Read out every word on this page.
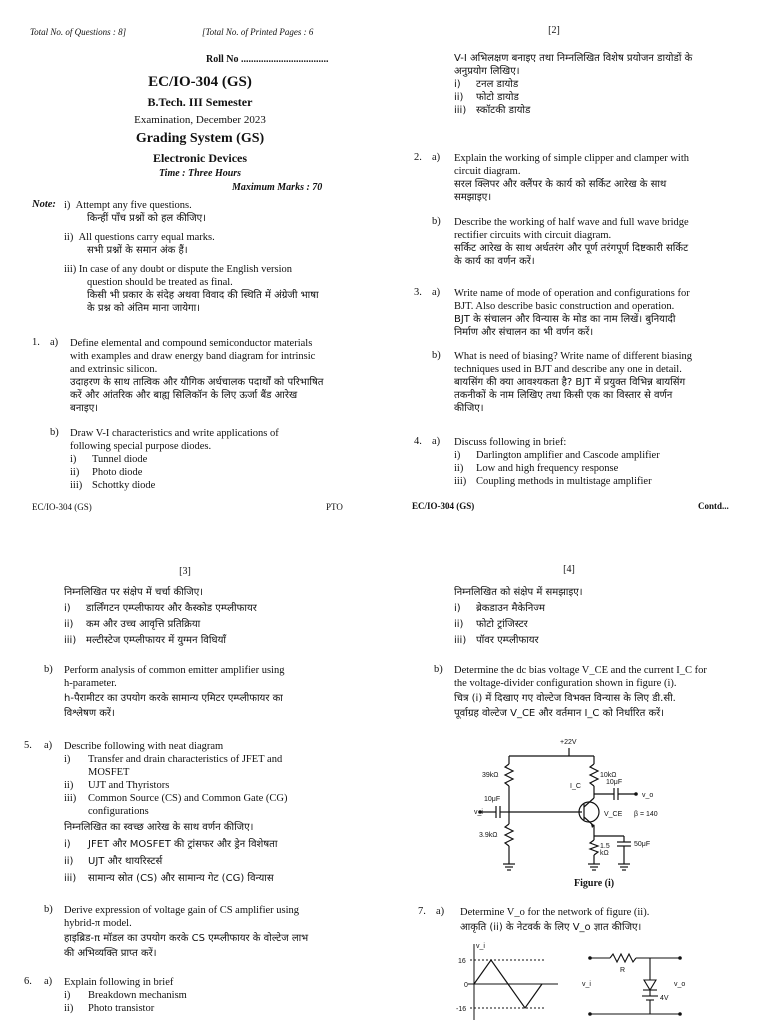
Total No. of Questions : 8]	[Total No. of Printed Pages : 6
Roll No ...................................
EC/IO-304 (GS)
B.Tech. III Semester
Examination, December 2023
Grading System (GS)
Electronic Devices
Time : Three Hours
Maximum Marks : 70
Note: i) Attempt any five questions.
किन्हीं पाँच प्रश्नों को हल कीजिए।
ii) All questions carry equal marks.
सभी प्रश्नों के समान अंक हैं।
iii) In case of any doubt or dispute the English version
question should be treated as final.
किसी भी प्रकार के संदेह अथवा विवाद की स्थिति में अंग्रेजी भाषा
के प्रश्न को अंतिम माना जायेगा।
1. a) Define elemental and compound semiconductor materials
with examples and draw energy band diagram for intrinsic
and extrinsic silicon.
उदाहरण के साथ तात्विक और यौगिक अर्धचालक पदार्थों को परिभाषित
करें और आंतरिक और बाह्य सिलिकॉन के लिए ऊर्जा बैंड आरेख
बनाइए।
b) Draw V-I characteristics and write applications of
following special purpose diodes.
i) Tunnel diode
ii) Photo diode
iii) Schottky diode
EC/IO-304 (GS)	PTO
[2]
V-I अभिलक्षण बनाइए तथा निम्नलिखित विशेष प्रयोजन डायोडों के
अनुप्रयोग लिखिए।
i) टनल डायोड
ii) फोटो डायोड
iii) स्कॉटकी डायोड
2. a) Explain the working of simple clipper and clamper with
circuit diagram.
सरल क्लिपर और क्लैंपर के कार्य को सर्किट आरेख के साथ
समझाइए।
b) Describe the working of half wave and full wave bridge
rectifier circuits with circuit diagram.
सर्किट आरेख के साथ अर्धतरंग और पूर्ण तरंगपूर्ण दिष्टकारी सर्किट
के कार्य का वर्णन करें।
3. a) Write name of mode of operation and configurations for
BJT. Also describe basic construction and operation.
BJT के संचालन और विन्यास के मोड का नाम लिखें। बुनियादी
निर्माण और संचालन का भी वर्णन करें।
b) What is need of biasing? Write name of different biasing
techniques used in BJT and describe any one in detail.
बायसिंग की क्या आवश्यकता है? BJT में प्रयुक्त विभिन्न बायसिंग
तकनीकों के नाम लिखिए तथा किसी एक का विस्तार से वर्णन
कीजिए।
4. a) Discuss following in brief:
i) Darlington amplifier and Cascode amplifier
ii) Low and high frequency response
iii) Coupling methods in multistage amplifier
EC/IO-304 (GS)	Contd...
[3]
निम्नलिखित पर संक्षेप में चर्चा कीजिए।
i) डार्लिंगटन एम्प्लीफायर और कैस्कोड एम्प्लीफायर
ii) कम और उच्च आवृत्ति प्रतिक्रिया
iii) मल्टीस्टेज एम्प्लीफायर में युग्मन विधियाँ
b) Perform analysis of common emitter amplifier using
h-parameter.
h-पैरामीटर का उपयोग करके सामान्य एमिटर एम्प्लीफायर का
विश्लेषण करें।
5. a) Describe following with neat diagram
i) Transfer and drain characteristics of JFET and
MOSFET
ii) UJT and Thyristors
iii) Common Source (CS) and Common Gate (CG)
configurations
निम्नलिखित का स्वच्छ आरेख के साथ वर्णन कीजिए।
i) JFET और MOSFET की ट्रांसफर और ड्रेन विशेषता
ii) UJT और थायरिस्टर्स
iii) सामान्य स्रोत (CS) और सामान्य गेट (CG) विन्यास
b) Derive expression of voltage gain of CS amplifier using
hybrid-π model.
हाइब्रिड-π मॉडल का उपयोग करके CS एम्प्लीफायर के वोल्टेज लाभ
की अभिव्यक्ति प्राप्त करें।
6. a) Explain following in brief
i) Breakdown mechanism
ii) Photo transistor
[4]
निम्नलिखित को संक्षेप में समझाइए।
i) ब्रेकडाउन मैकेनिज्म
ii) फोटो ट्रांजिस्टर
iii) पॉवर एम्प्लीफायर
b) Determine the dc bias voltage V_CE and the current I_C for
the voltage-divider configuration shown in figure (i).
चित्र (i) में दिखाए गए वोल्टेज विभक्त विन्यास के लिए डी.सी.
पूर्वाग्रह वोल्टेज V_CE और वर्तमान I_C को निर्धारित करें।
+22V
39kΩ	10kΩ
3.9kΩ
1.5
kΩ
10μF
10μF
50μF
I_C
V_CE β = 140
v_i
v_o
Figure (i)
7. a) Determine V_o for the network of figure (ii).
आकृति (ii) के नेटवर्क के लिए V_o ज्ञात कीजिए।
v_i
16
0
-16
R
4V
v_i	v_o
